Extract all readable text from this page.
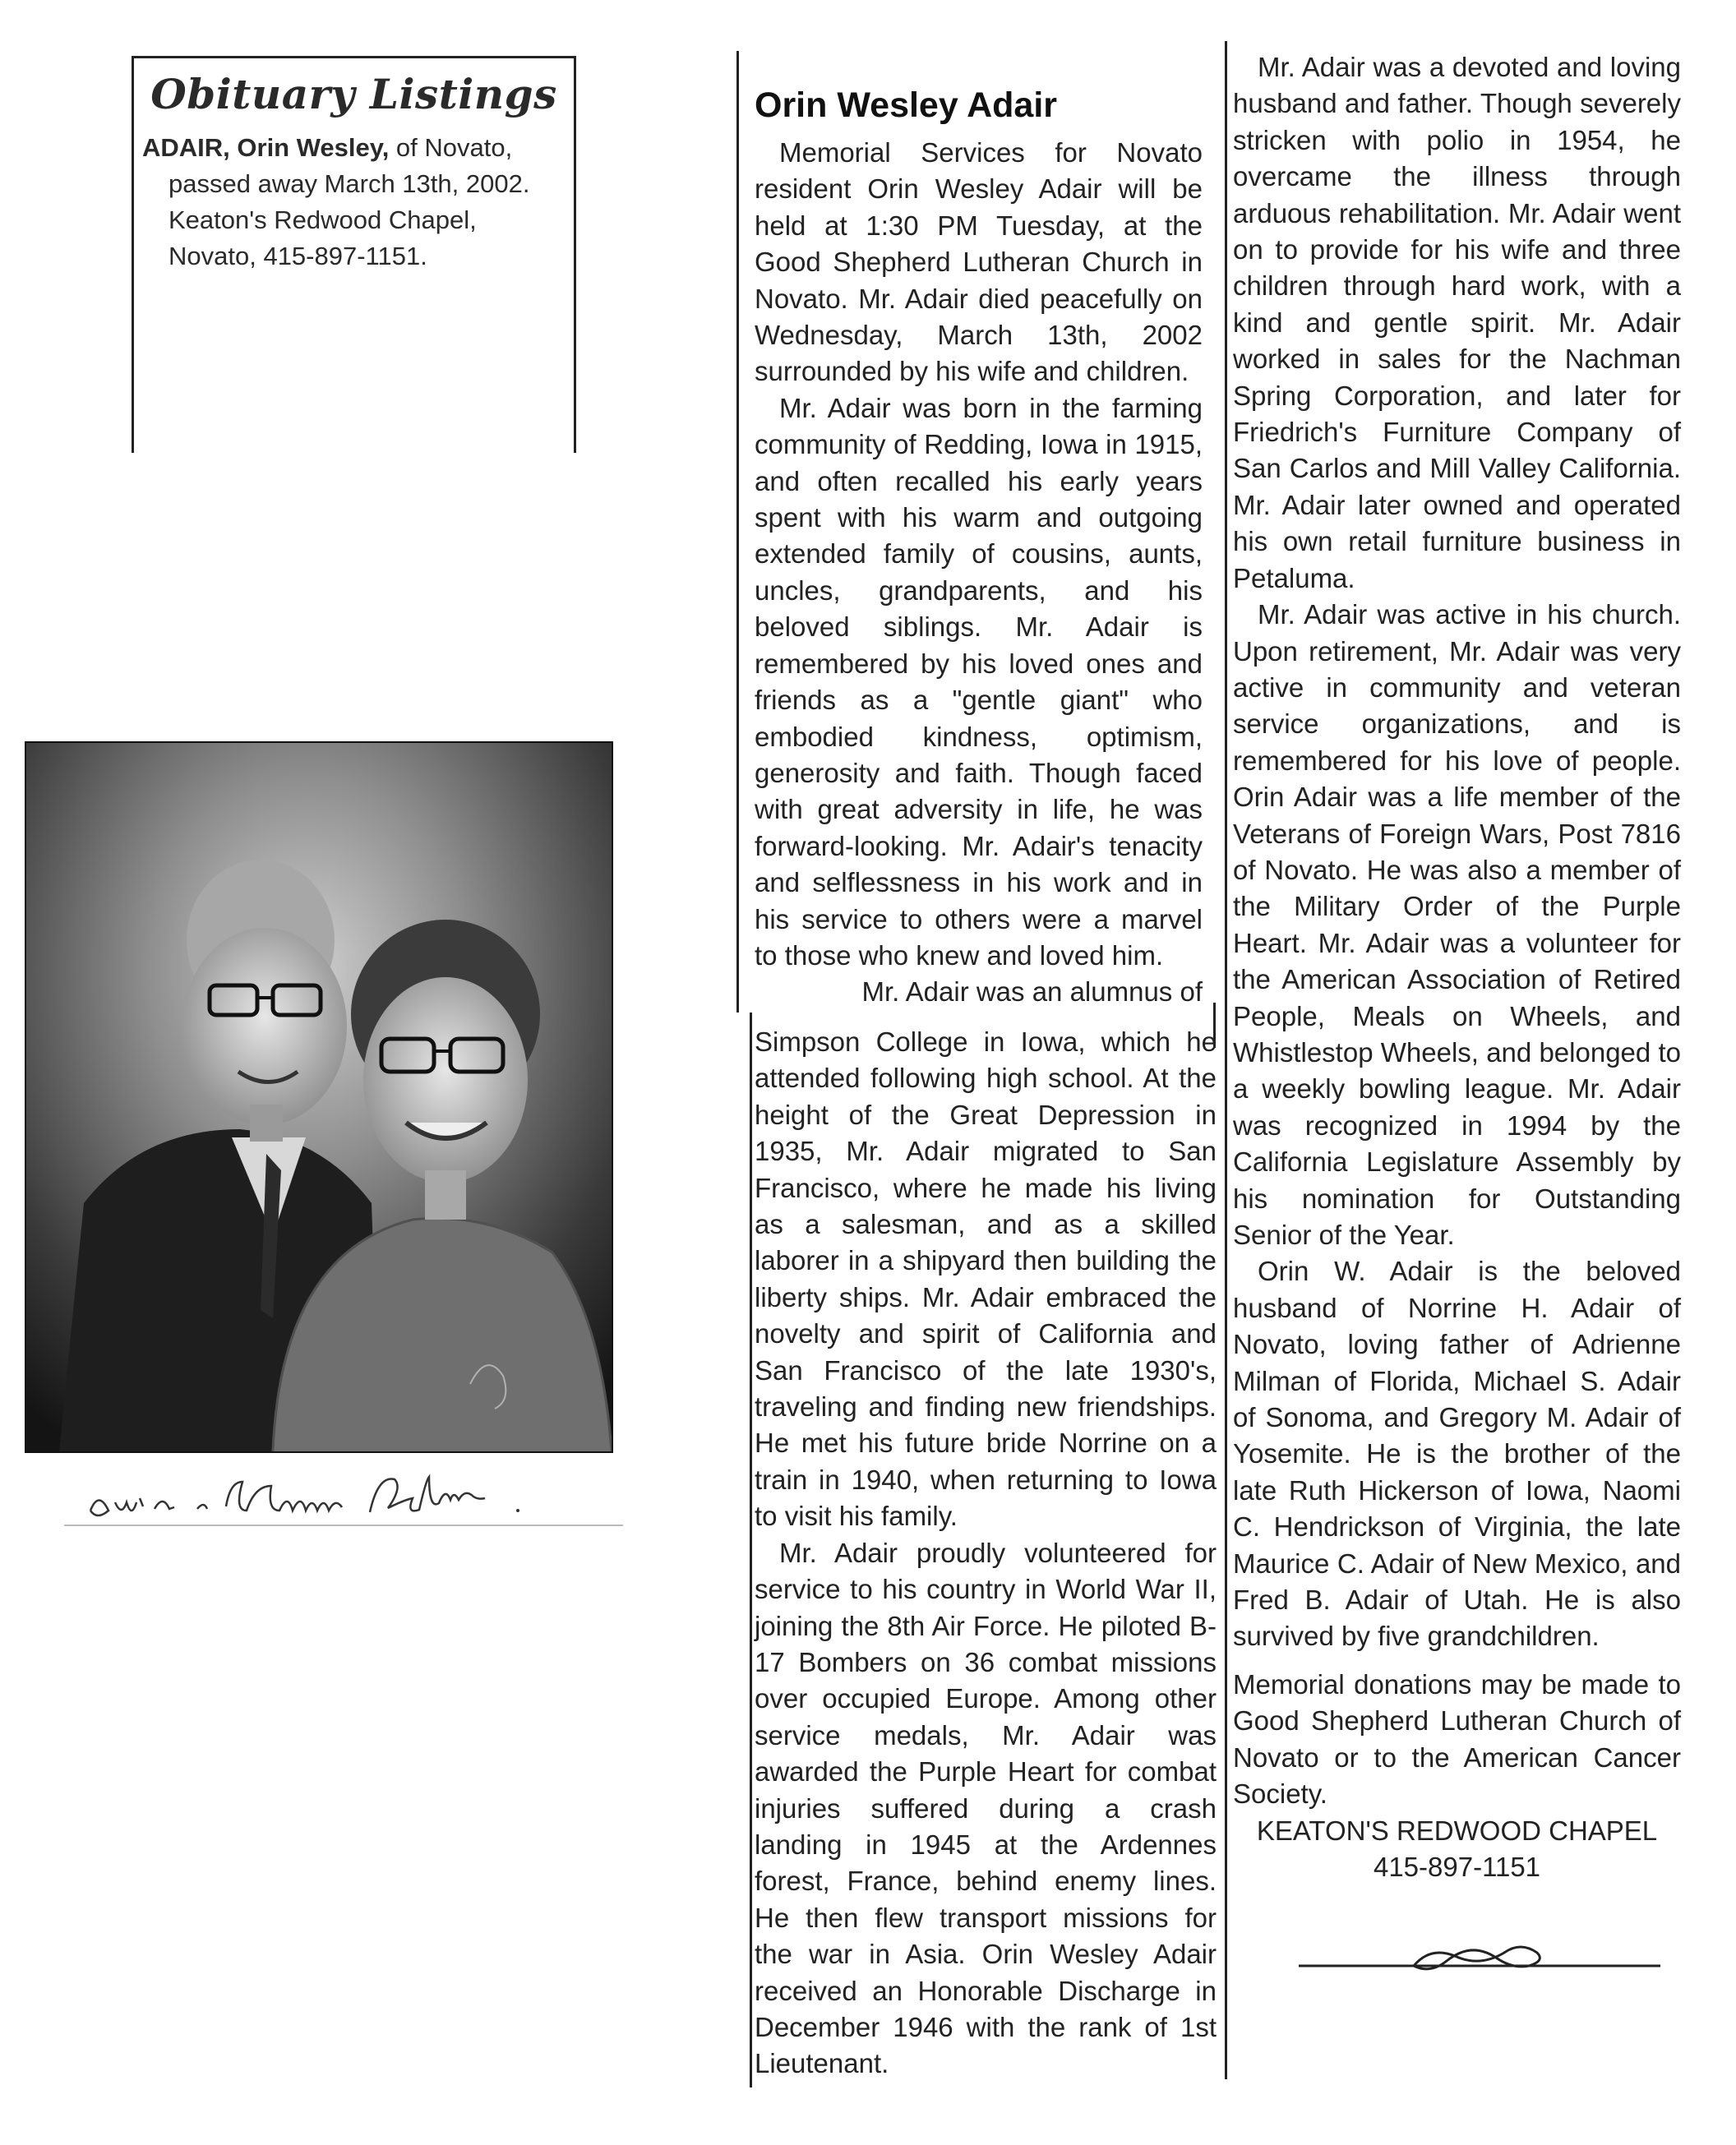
Obituary Listings
ADAIR, Orin Wesley, of Novato,
passed away March 13th, 2002.
Keaton's Redwood Chapel,
Novato, 415-897-1151.
Orin Wesley Adair

Memorial Services for Novato resident Orin Wesley Adair will be held at 1:30 PM Tuesday, at the Good Shepherd Lutheran Church in Novato. Mr. Adair died peacefully on Wednesday, March 13th, 2002 surrounded by his wife and children.

Mr. Adair was born in the farming community of Redding, Iowa in 1915, and often recalled his early years spent with his warm and outgoing extended family of cousins, aunts, uncles, grandparents, and his beloved siblings. Mr. Adair is remembered by his loved ones and friends as a "gentle giant" who embodied kindness, optimism, generosity and faith. Though faced with great adversity in life, he was forward-looking. Mr. Adair's tenacity and selflessness in his work and in his service to others were a marvel to those who knew and loved him.

Mr. Adair was an alumnus of

Simpson College in Iowa, which he attended following high school. At the height of the Great Depression in 1935, Mr. Adair migrated to San Francisco, where he made his living as a salesman, and as a skilled laborer in a shipyard then building the liberty ships. Mr. Adair embraced the novelty and spirit of California and San Francisco of the late 1930's, traveling and finding new friendships. He met his future bride Norrine on a train in 1940, when returning to Iowa to visit his family.

Mr. Adair proudly volunteered for service to his country in World War II, joining the 8th Air Force. He piloted B-17 Bombers on 36 combat missions over occupied Europe. Among other service medals, Mr. Adair was awarded the Purple Heart for combat injuries suffered during a crash landing in 1945 at the Ardennes forest, France, behind enemy lines. He then flew transport missions for the war in Asia. Orin Wesley Adair received an Honorable Discharge in December 1946 with the rank of 1st Lieutenant.

Mr. Adair was a devoted and loving husband and father. Though severely stricken with polio in 1954, he overcame the illness through arduous rehabilitation. Mr. Adair went on to provide for his wife and three children through hard work, with a kind and gentle spirit. Mr. Adair worked in sales for the Nachman Spring Corporation, and later for Friedrich's Furniture Company of San Carlos and Mill Valley California. Mr. Adair later owned and operated his own retail furniture business in Petaluma.

Mr. Adair was active in his church. Upon retirement, Mr. Adair was very active in community and veteran service organizations, and is remembered for his love of people. Orin Adair was a life member of the Veterans of Foreign Wars, Post 7816 of Novato. He was also a member of the Military Order of the Purple Heart. Mr. Adair was a volunteer for the American Association of Retired People, Meals on Wheels, and Whistlestop Wheels, and belonged to a weekly bowling league. Mr. Adair was recognized in 1994 by the California Legislature Assembly by his nomination for Outstanding Senior of the Year.

Orin W. Adair is the beloved husband of Norrine H. Adair of Novato, loving father of Adrienne Milman of Florida, Michael S. Adair of Sonoma, and Gregory M. Adair of Yosemite. He is the brother of the late Ruth Hickerson of Iowa, Naomi C. Hendrickson of Virginia, the late Maurice C. Adair of New Mexico, and Fred B. Adair of Utah. He is also survived by five grandchildren.

Memorial donations may be made to Good Shepherd Lutheran Church of Novato or to the American Cancer Society.

KEATON'S REDWOOD CHAPEL

415-897-1151
